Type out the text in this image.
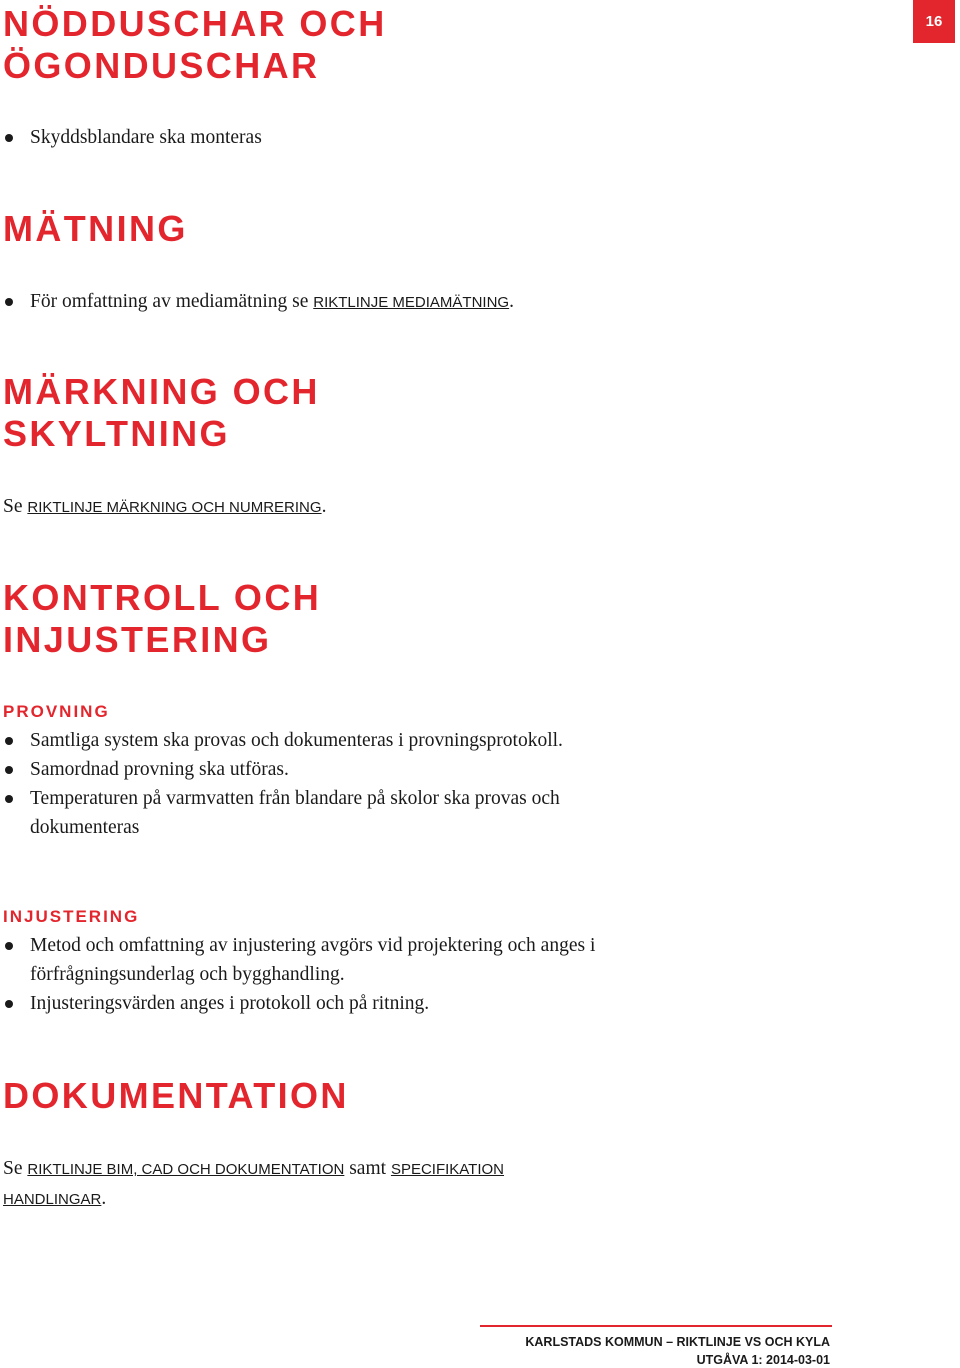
16
NÖDDUSCHAR OCH
ÖGONDUSCHAR
Skyddsblandare ska monteras
MÄTNING
För omfattning av mediamätning se RIKTLINJE MEDIAMÄTNING.
MÄRKNING OCH
SKYLTNING

Se RIKTLINJE MÄRKNING OCH NUMRERING.

KONTROLL OCH
INJUSTERING
PROVNING
Samtliga system ska provas och dokumenteras i provningsprotokoll.
Samordnad provning ska utföras.
Temperaturen på varmvatten från blandare på skolor ska provas och dokumenteras
INJUSTERING
Metod och omfattning av injustering avgörs vid projektering och anges i förfrågningsunderlag och bygghandling.
Injusteringsvärden anges i protokoll och på ritning.
DOKUMENTATION

Se RIKTLINJE BIM, CAD OCH DOKUMENTATION samt SPECIFIKATION HANDLINGAR.

KARLSTADS KOMMUN – RIKTLINJE VS OCH KYLA

UTGÅVA 1: 2014-03-01
